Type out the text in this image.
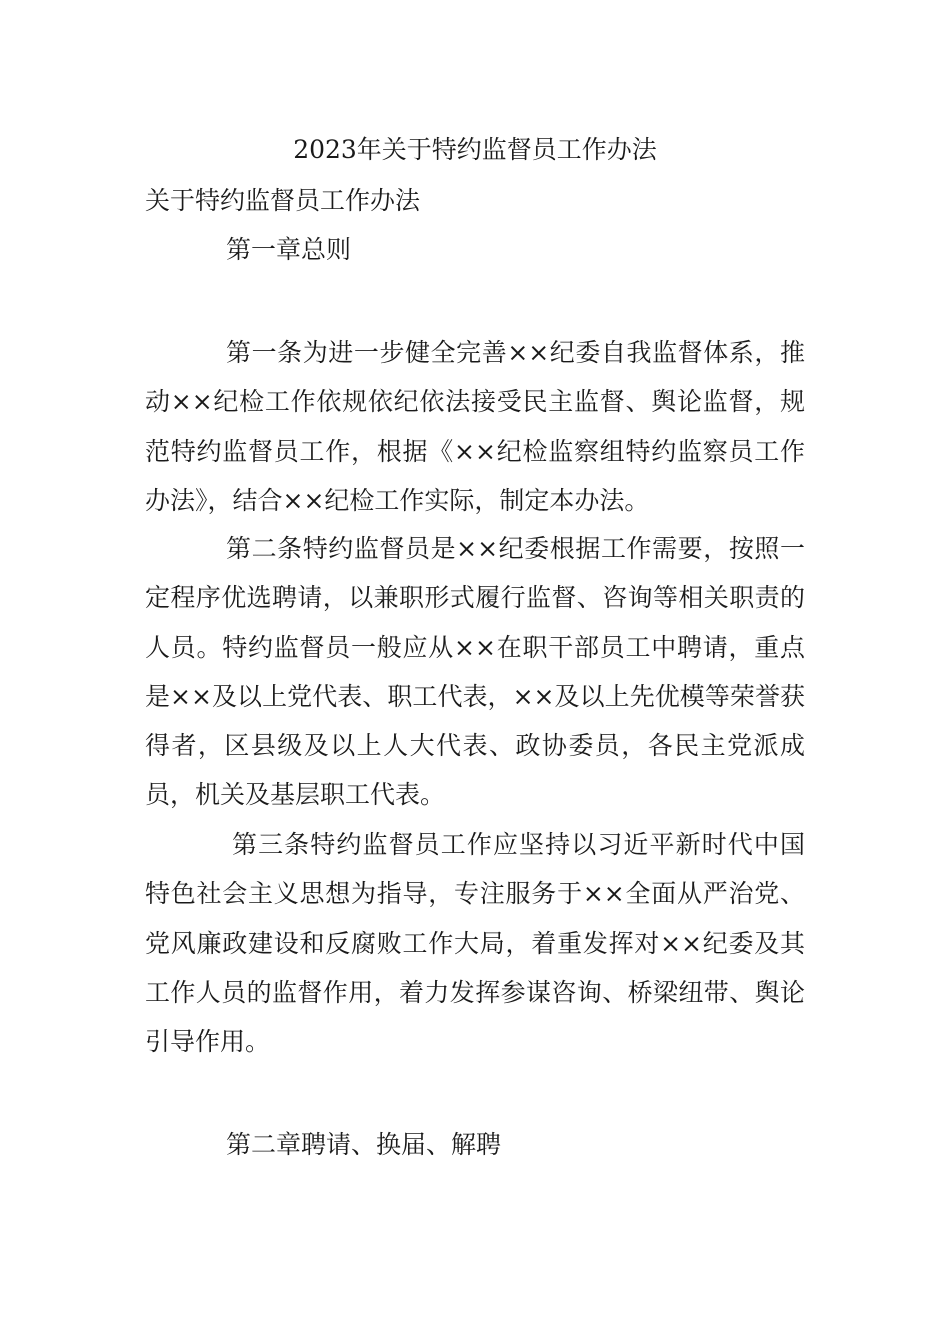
2023年关于特约监督员工作办法

关于特约监督员工作办法

第一章总则

第一条为进一步健全完善××纪委自我监督体系，推动××纪检工作依规依纪依法接受民主监督、舆论监督，规范特约监督员工作，根据《××纪检监察组特约监察员工作办法》，结合××纪检工作实际，制定本办法。

第二条特约监督员是××纪委根据工作需要，按照一定程序优选聘请，以兼职形式履行监督、咨询等相关职责的人员。特约监督员一般应从××在职干部员工中聘请，重点是××及以上党代表、职工代表，××及以上先优模等荣誉获得者，区县级及以上人大代表、政协委员，各民主党派成员，机关及基层职工代表。

第三条特约监督员工作应坚持以习近平新时代中国特色社会主义思想为指导，专注服务于××全面从严治党、党风廉政建设和反腐败工作大局，着重发挥对××纪委及其工作人员的监督作用，着力发挥参谋咨询、桥梁纽带、舆论引导作用。

第二章聘请、换届、解聘
